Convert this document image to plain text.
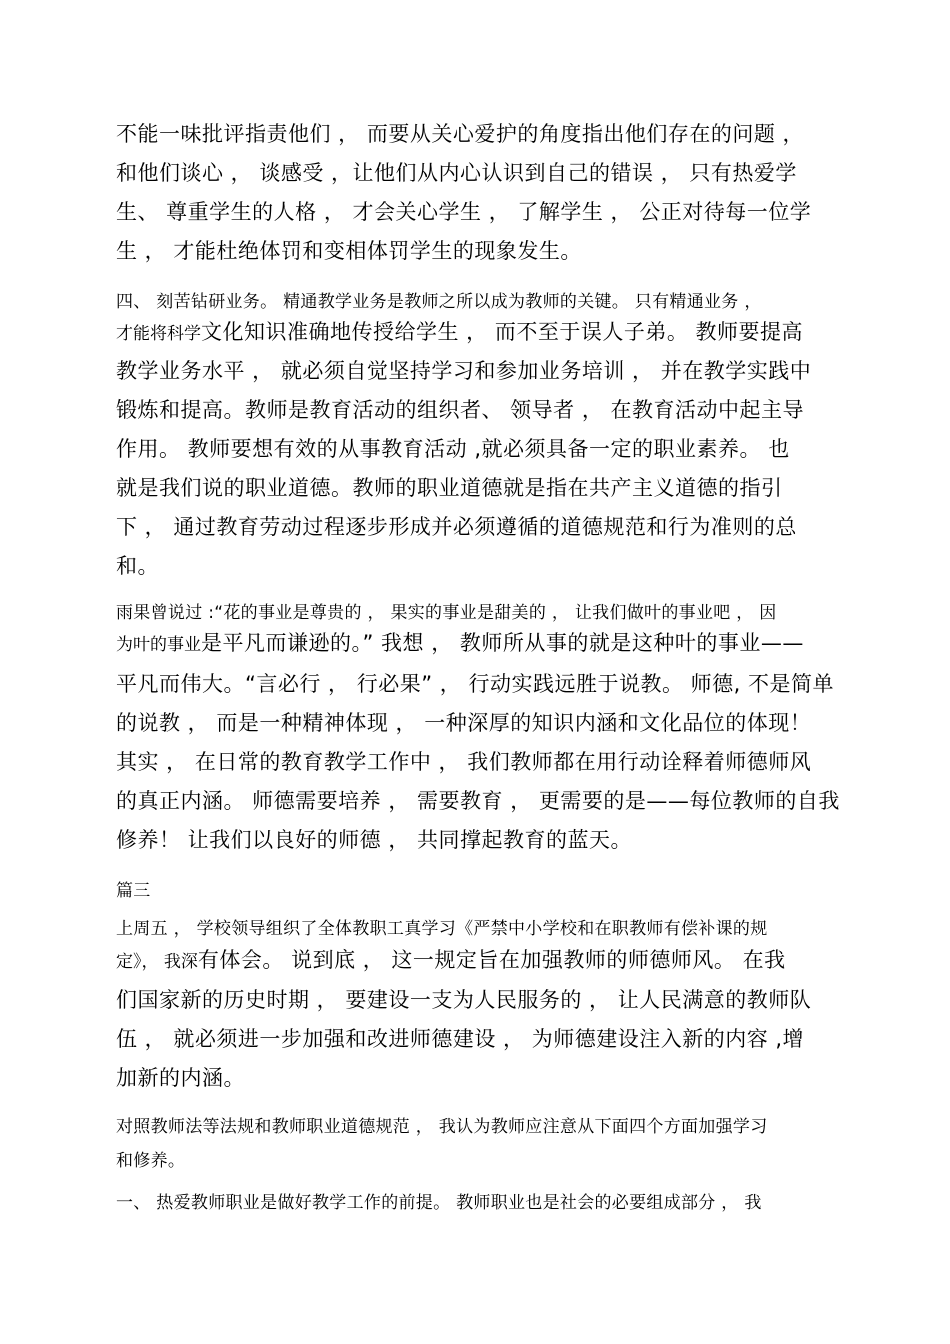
不能一味批评指责他们 ， 而要从关心爱护的角度指出他们存在的问题 ，

和他们谈心 ， 谈感受 ，让他们从内心认识到自己的错误 ， 只有热爱学

生、 尊重学生的人格 ， 才会关心学生 ， 了解学生 ， 公正对待每一位学

生 ， 才能杜绝体罚和变相体罚学生的现象发生。

四、 刻苦钻研业务。 精通教学业务是教师之所以成为教师的关键。 只有精通业务 ，

才能将科学文化知识准确地传授给学生 ， 而不至于误人子弟。 教师要提高

教学业务水平 ， 就必须自觉坚持学习和参加业务培训 ， 并在教学实践中

锻炼和提高。教师是教育活动的组织者、 领导者 ， 在教育活动中起主导

作用。 教师要想有效的从事教育活动 ,就必须具备一定的职业素养。 也

就是我们说的职业道德。教师的职业道德就是指在共产主义道德的指引

下 ， 通过教育劳动过程逐步形成并必须遵循的道德规范和行为准则的总

和。

雨果曾说过 :“花的事业是尊贵的 ， 果实的事业是甜美的 ， 让我们做叶的事业吧 ， 因

为叶的事业是平凡而谦逊的。” 我想 ， 教师所从事的就是这种叶的事业——

平凡而伟大。“言必行 ， 行必果” ， 行动实践远胜于说教。 师德, 不是简单

的说教 ， 而是一种精神体现 ， 一种深厚的知识内涵和文化品位的体现！

其实 ， 在日常的教育教学工作中 ， 我们教师都在用行动诠释着师德师风

的真正内涵。 师德需要培养 ， 需要教育 ， 更需要的是——每位教师的自我

修养！ 让我们以良好的师德 ， 共同撑起教育的蓝天。

篇三

上周五 ， 学校领导组织了全体教职工真学习《严禁中小学校和在职教师有偿补课的规

定》， 我深有体会。 说到底 ， 这一规定旨在加强教师的师德师风。 在我

们国家新的历史时期 ， 要建设一支为人民服务的 ， 让人民满意的教师队

伍 ， 就必须进一步加强和改进师德建设 ， 为师德建设注入新的内容 ,增

加新的内涵。

对照教师法等法规和教师职业道德规范 ， 我认为教师应注意从下面四个方面加强学习

和修养。

一、 热爱教师职业是做好教学工作的前提。 教师职业也是社会的必要组成部分 ， 我
